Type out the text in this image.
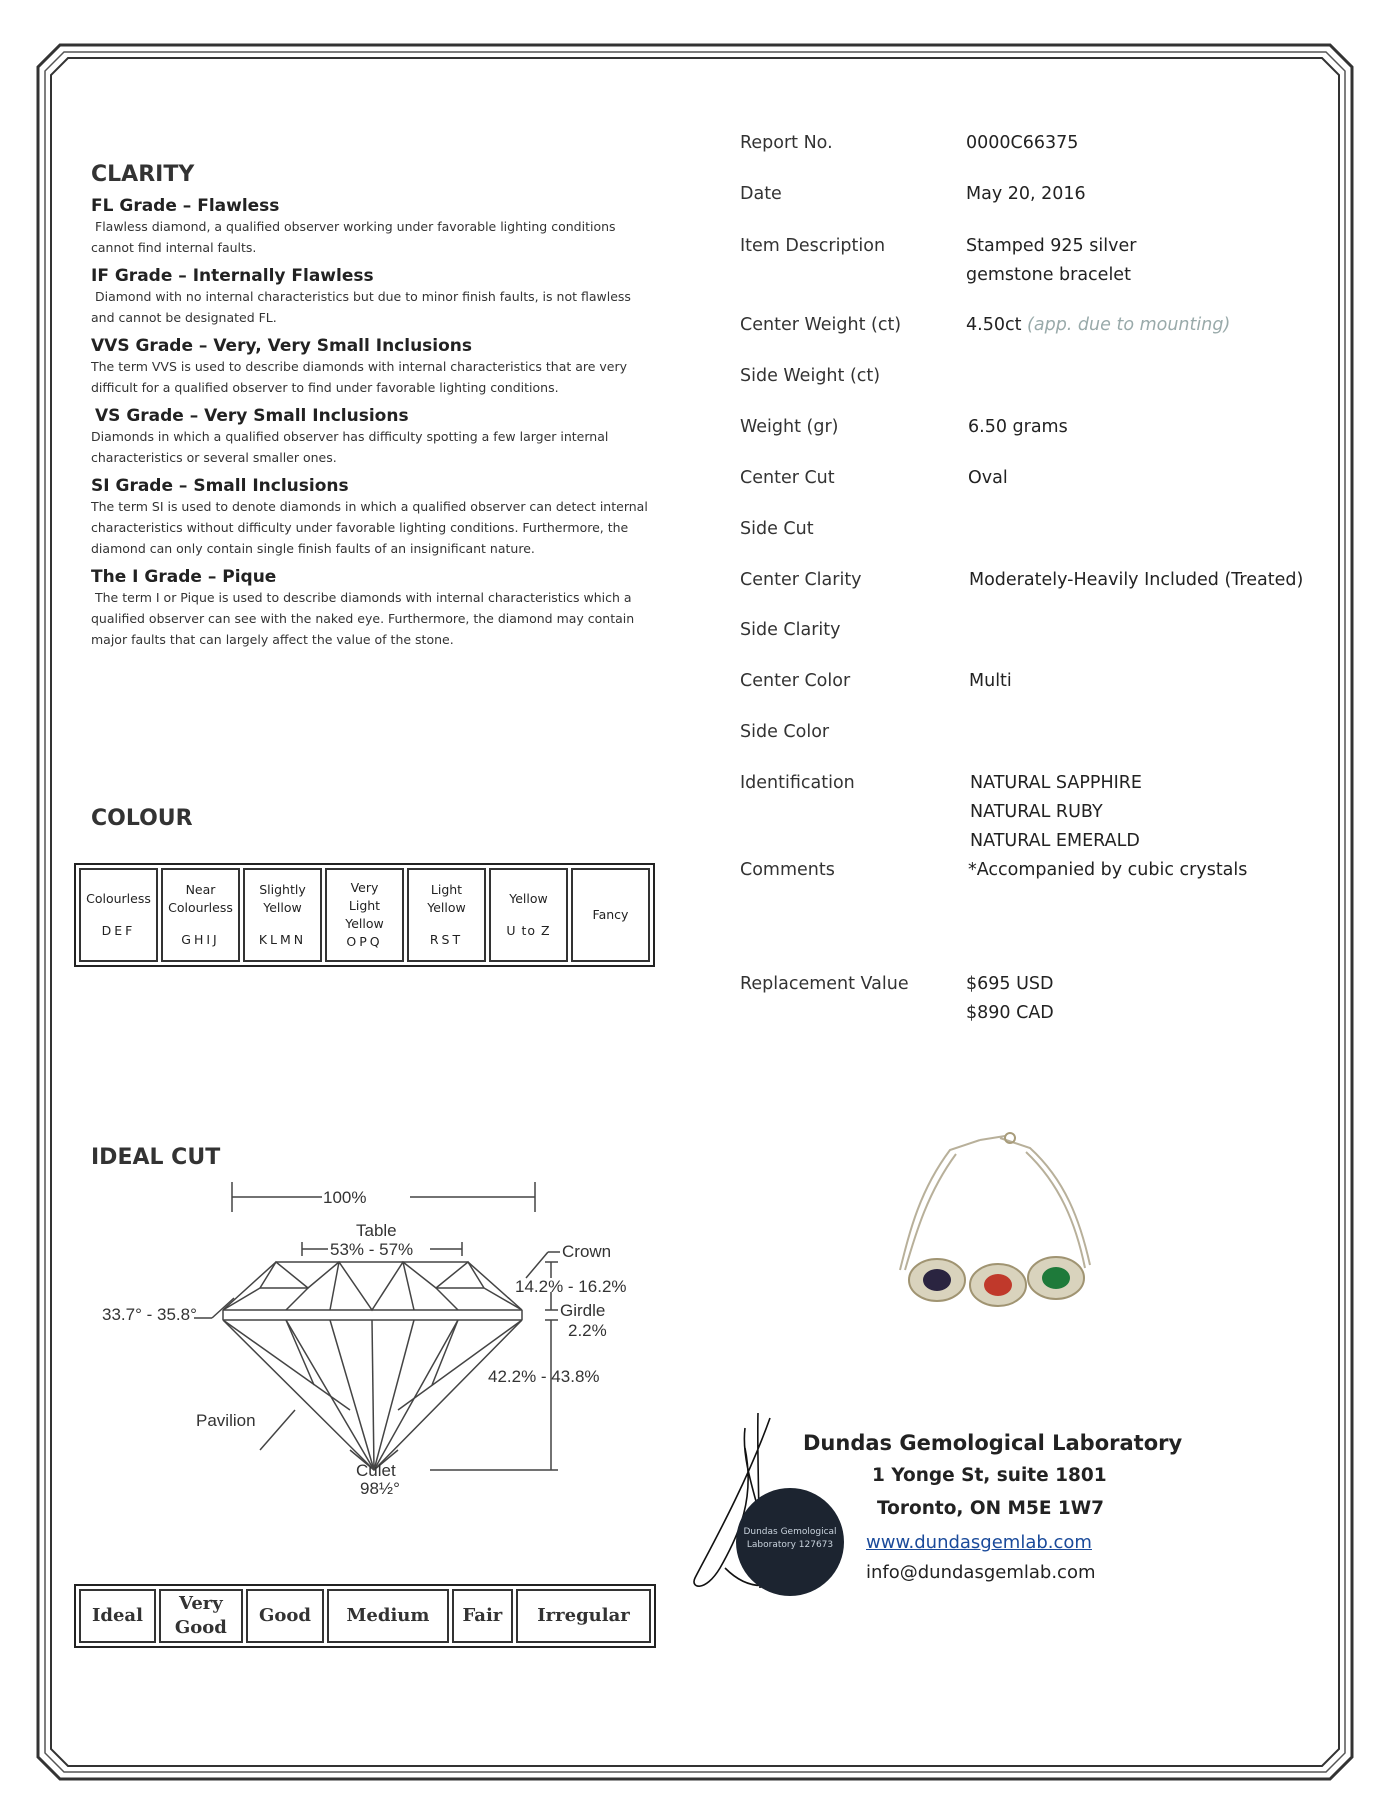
CLARITY
FL Grade – Flawless
Flawless diamond, a qualified observer working under favorable lighting conditions
cannot find internal faults.
IF Grade – Internally Flawless
Diamond with no internal characteristics but due to minor finish faults, is not flawless
and cannot be designated FL.
VVS Grade – Very, Very Small Inclusions
The term VVS is used to describe diamonds with internal characteristics that are very
difficult for a qualified observer to find under favorable lighting conditions.
VS Grade – Very Small Inclusions
Diamonds in which a qualified observer has difficulty spotting a few larger internal
characteristics or several smaller ones.
SI Grade – Small Inclusions
The term SI is used to denote diamonds in which a qualified observer can detect internal
characteristics without difficulty under favorable lighting conditions. Furthermore, the
diamond can only contain single finish faults of an insignificant nature.
The I Grade – Pique
The term I or Pique is used to describe diamonds with internal characteristics which a
qualified observer can see with the naked eye. Furthermore, the diamond may contain
major faults that can largely affect the value of the stone.
COLOUR
Colourless
DEF
	Near Colourless
GHIJ
	Slightly Yellow
KLMN
	Very Light Yellow
OPQ
	Light Yellow
RST
	Yellow
U to Z
	Fancy
IDEAL CUT
100%
Table
53% - 57%	Crown
33.7° - 35.8°
14.2% - 16.2%
Girdle
2.2%
42.2% - 43.8%
Pavilion
Culet
98½°
Ideal	Very Good	Good	Medium	Fair	Irregular
Report No.	0000C66375
Date	May 20, 2016
Item Description	Stamped 925 silver
gemstone bracelet
Center Weight (ct)	4.50ct (app. due to mounting)
Side Weight (ct)
Weight (gr)	6.50 grams
Center Cut	Oval
Side Cut
Center Clarity	Moderately-Heavily Included (Treated)
Side Clarity
Center Color	Multi
Side Color
Identification	NATURAL SAPPHIRE
NATURAL RUBY
NATURAL EMERALD
Comments	*Accompanied by cubic crystals
Replacement Value	$695 USD
$890 CAD
Dundas Gemological Laboratory 127673
Dundas Gemological Laboratory
1 Yonge St, suite 1801
Toronto, ON M5E 1W7
www.dundasgemlab.com
info@dundasgemlab.com
